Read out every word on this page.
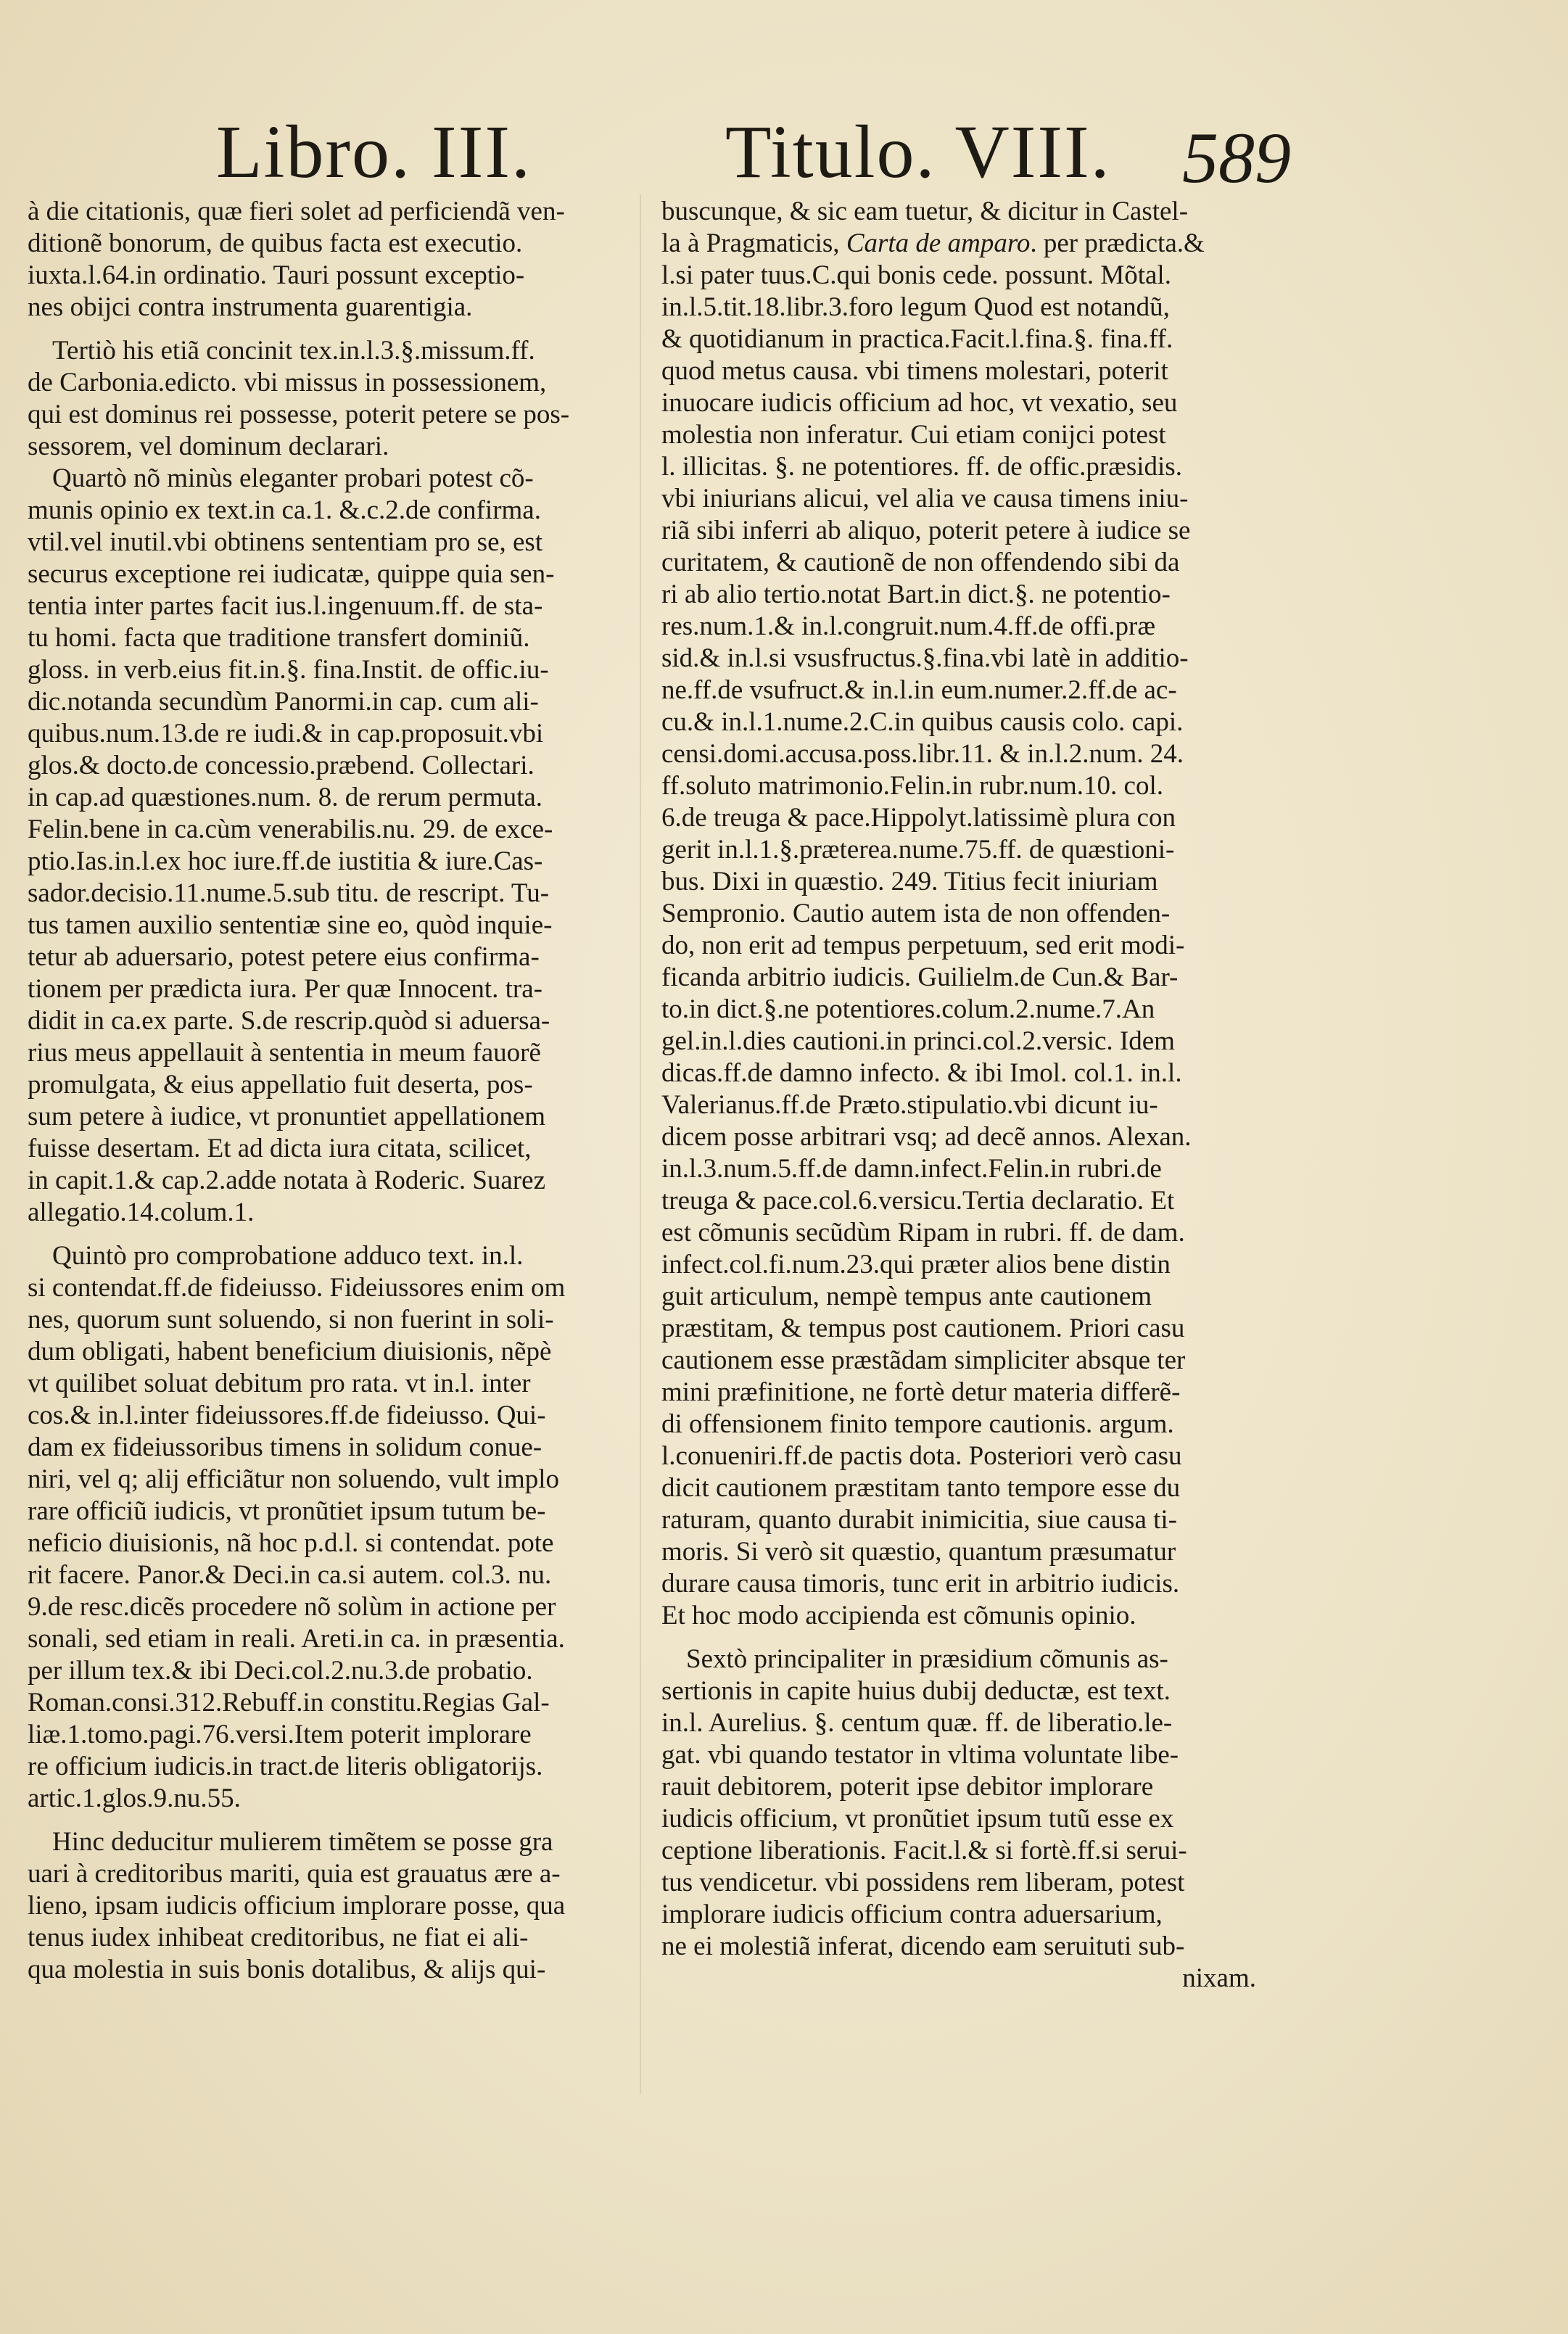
Libro. III.	Titulo. VIII. 589
à die citationis, quæ fieri solet ad perficiendã ven-
ditionẽ bonorum, de quibus facta est executio.
iuxta.l.64.in ordinatio. Tauri possunt exceptio-
nes obijci contra instrumenta guarentigia.
Tertiò his etiã concinit tex.in.l.3.§.missum.ff.
de Carbonia.edicto. vbi missus in possessionem,
qui est dominus rei possesse, poterit petere se pos-
sessorem, vel dominum declarari.
Quartò nõ minùs eleganter probari potest cõ-
munis opinio ex text.in ca.1. &.c.2.de confirma.
vtil.vel inutil.vbi obtinens sententiam pro se, est
securus exceptione rei iudicatæ, quippe quia sen-
tentia inter partes facit ius.l.ingenuum.ff. de sta-
tu homi. facta que traditione transfert dominiũ.
gloss. in verb.eius fit.in.§. fina.Instit. de offic.iu-
dic.notanda secundùm Panormi.in cap. cum ali-
quibus.num.13.de re iudi.& in cap.proposuit.vbi
glos.& docto.de concessio.præbend. Collectari.
in cap.ad quæstiones.num. 8. de rerum permuta.
Felin.bene in ca.cùm venerabilis.nu. 29. de exce-
ptio.Ias.in.l.ex hoc iure.ff.de iustitia & iure.Cas-
sador.decisio.11.nume.5.sub titu. de rescript. Tu-
tus tamen auxilio sententiæ sine eo, quòd inquie-
tetur ab aduersario, potest petere eius confirma-
tionem per prædicta iura. Per quæ Innocent. tra-
didit in ca.ex parte. S.de rescrip.quòd si aduersa-
rius meus appellauit à sententia in meum fauorẽ
promulgata, & eius appellatio fuit deserta, pos-
sum petere à iudice, vt pronuntiet appellationem
fuisse desertam. Et ad dicta iura citata, scilicet,
in capit.1.& cap.2.adde notata à Roderic. Suarez
allegatio.14.colum.1.
Quintò pro comprobatione adduco text. in.l.
si contendat.ff.de fideiusso. Fideiussores enim om
nes, quorum sunt soluendo, si non fuerint in soli-
dum obligati, habent beneficium diuisionis, nẽpè
vt quilibet soluat debitum pro rata. vt in.l. inter
cos.& in.l.inter fideiussores.ff.de fideiusso. Qui-
dam ex fideiussoribus timens in solidum conue-
niri, vel q; alij efficiãtur non soluendo, vult implo
rare officiũ iudicis, vt pronũtiet ipsum tutum be-
neficio diuisionis, nã hoc p.d.l. si contendat. pote
rit facere. Panor.& Deci.in ca.si autem. col.3. nu.
9.de resc.dicẽs procedere nõ solùm in actione per
sonali, sed etiam in reali. Areti.in ca. in præsentia.
per illum tex.& ibi Deci.col.2.nu.3.de probatio.
Roman.consi.312.Rebuff.in constitu.Regias Gal-
liæ.1.tomo.pagi.76.versi.Item poterit implorare
re officium iudicis.in tract.de literis obligatorijs.
artic.1.glos.9.nu.55.
Hinc deducitur mulierem timẽtem se posse gra
uari à creditoribus mariti, quia est grauatus ære a-
lieno, ipsam iudicis officium implorare posse, qua
tenus iudex inhibeat creditoribus, ne fiat ei ali-
qua molestia in suis bonis dotalibus, & alijs qui-
buscunque, & sic eam tuetur, & dicitur in Castel-
la à Pragmaticis, Carta de amparo. per prædicta.&
l.si pater tuus.C.qui bonis cede. possunt. Mõtal.
in.l.5.tit.18.libr.3.foro legum Quod est notandũ,
& quotidianum in practica.Facit.l.fina.§. fina.ff.
quod metus causa. vbi timens molestari, poterit
inuocare iudicis officium ad hoc, vt vexatio, seu
molestia non inferatur. Cui etiam conijci potest
l. illicitas. §. ne potentiores. ff. de offic.præsidis.
vbi iniurians alicui, vel alia ve causa timens iniu-
riã sibi inferri ab aliquo, poterit petere à iudice se
curitatem, & cautionẽ de non offendendo sibi da
ri ab alio tertio.notat Bart.in dict.§. ne potentio-
res.num.1.& in.l.congruit.num.4.ff.de offi.præ
sid.& in.l.si vsusfructus.§.fina.vbi latè in additio-
ne.ff.de vsufruct.& in.l.in eum.numer.2.ff.de ac-
cu.& in.l.1.nume.2.C.in quibus causis colo. capi.
censi.domi.accusa.poss.libr.11. & in.l.2.num. 24.
ff.soluto matrimonio.Felin.in rubr.num.10. col.
6.de treuga & pace.Hippolyt.latissimè plura con
gerit in.l.1.§.præterea.nume.75.ff. de quæstioni-
bus. Dixi in quæstio. 249. Titius fecit iniuriam
Sempronio. Cautio autem ista de non offenden-
do, non erit ad tempus perpetuum, sed erit modi-
ficanda arbitrio iudicis. Guilielm.de Cun.& Bar-
to.in dict.§.ne potentiores.colum.2.nume.7.An
gel.in.l.dies cautioni.in princi.col.2.versic. Idem
dicas.ff.de damno infecto. & ibi Imol. col.1. in.l.
Valerianus.ff.de Præto.stipulatio.vbi dicunt iu-
dicem posse arbitrari vsq; ad decẽ annos. Alexan.
in.l.3.num.5.ff.de damn.infect.Felin.in rubri.de
treuga & pace.col.6.versicu.Tertia declaratio. Et
est cõmunis secũdùm Ripam in rubri. ff. de dam.
infect.col.fi.num.23.qui præter alios bene distin
guit articulum, nempè tempus ante cautionem
præstitam, & tempus post cautionem. Priori casu
cautionem esse præstãdam simpliciter absque ter
mini præfinitione, ne fortè detur materia differẽ-
di offensionem finito tempore cautionis. argum.
l.conueniri.ff.de pactis dota. Posteriori verò casu
dicit cautionem præstitam tanto tempore esse du
raturam, quanto durabit inimicitia, siue causa ti-
moris. Si verò sit quæstio, quantum præsumatur
durare causa timoris, tunc erit in arbitrio iudicis.
Et hoc modo accipienda est cõmunis opinio.
Sextò principaliter in præsidium cõmunis as-
sertionis in capite huius dubij deductæ, est text.
in.l. Aurelius. §. centum quæ. ff. de liberatio.le-
gat. vbi quando testator in vltima voluntate libe-
rauit debitorem, poterit ipse debitor implorare
iudicis officium, vt pronũtiet ipsum tutũ esse ex
ceptione liberationis. Facit.l.& si fortè.ff.si serui-
tus vendicetur. vbi possidens rem liberam, potest
implorare iudicis officium contra aduersarium,
ne ei molestiã inferat, dicendo eam seruituti sub-
nixam.
